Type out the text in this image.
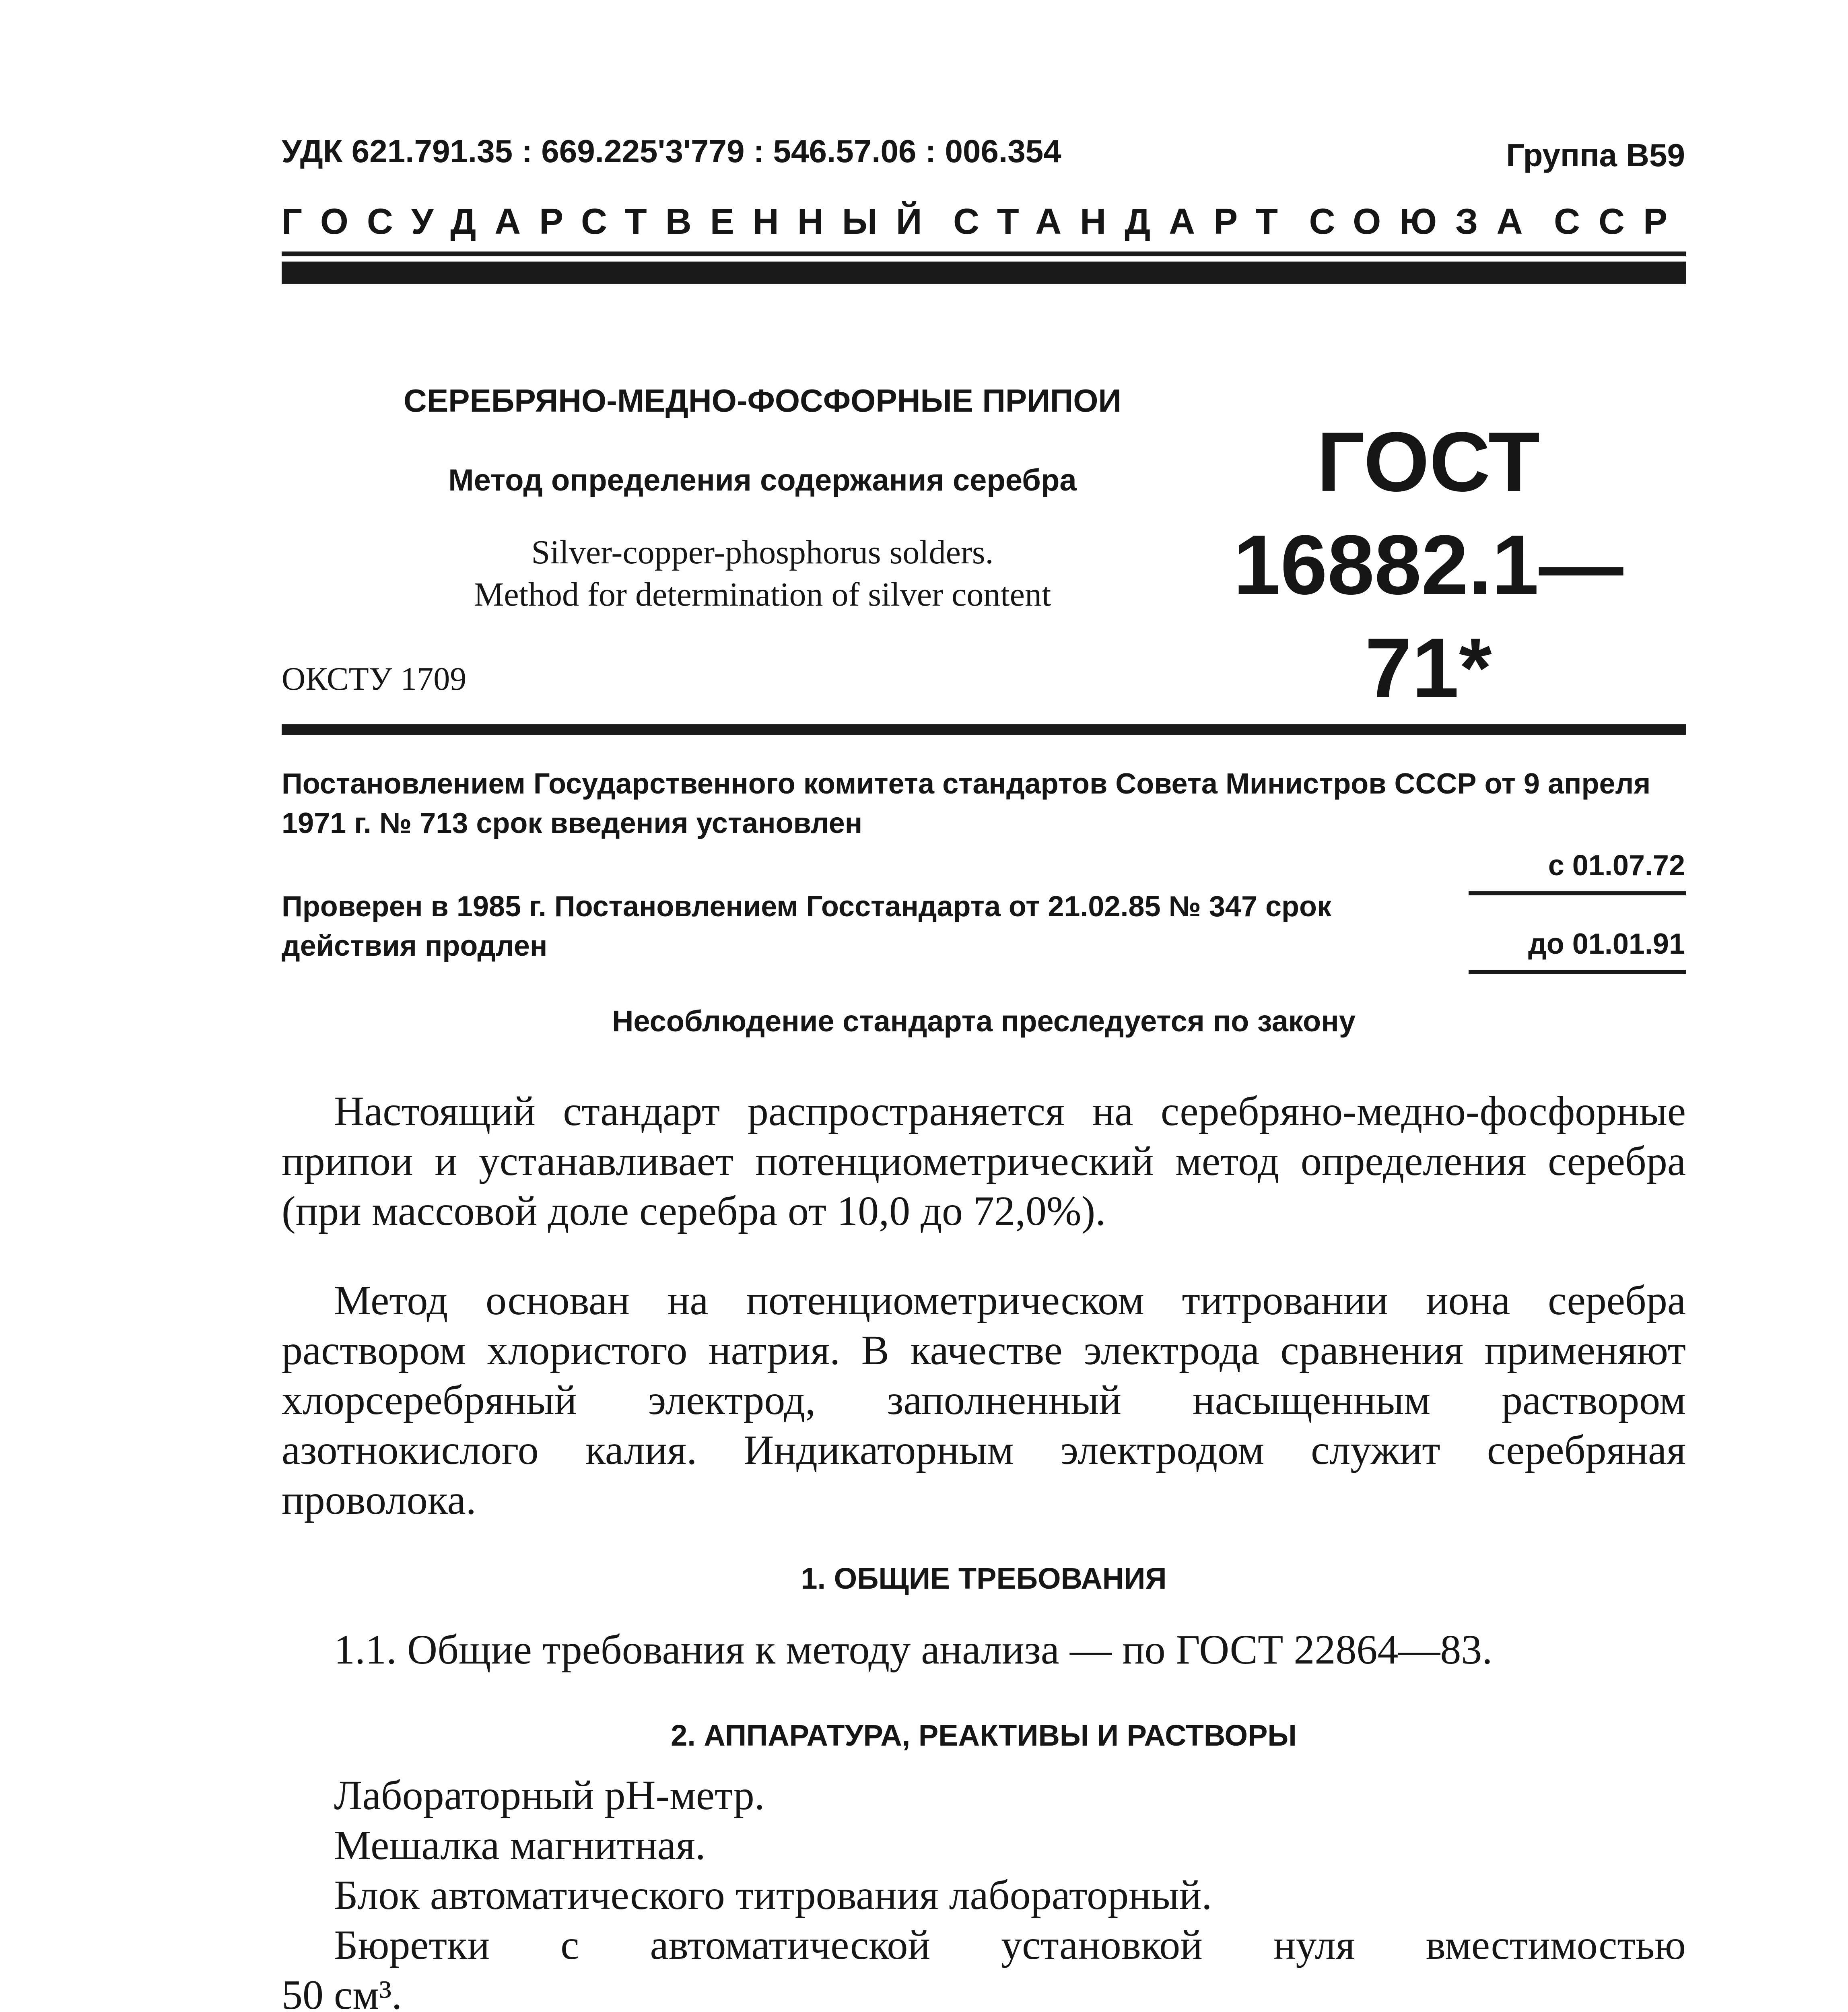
УДК 621.791.35 : 669.225'3'779 : 546.57.06 : 006.354	Группа В59
ГОСУДАРСТВЕННЫЙ СТАНДАРТ СОЮЗА ССР
СЕРЕБРЯНО-МЕДНО-ФОСФОРНЫЕ ПРИПОИ
Метод определения содержания серебра
Silver-copper-phosphorus solders.
Method for determination of silver content
ГОСТ
16882.1—71*
ОКСТУ 1709
Постановлением Государственного комитета стандартов Совета Министров СССР от 9 апреля 1971 г. № 713 срок введения установлен
с 01.07.72
Проверен в 1985 г. Постановлением Госстандарта от 21.02.85 № 347 срок действия продлен	до 01.01.91
Несоблюдение стандарта преследуется по закону
Настоящий стандарт распространяется на серебряно-медно-фосфорные припои и устанавливает потенциометрический метод определения серебра (при массовой доле серебра от 10,0 до 72,0%).
Метод основан на потенциометрическом титровании иона серебра раствором хлористого натрия. В качестве электрода сравнения применяют хлорсеребряный электрод, заполненный насыщенным раствором азотнокислого калия. Индикаторным электродом служит серебряная проволока.
1. ОБЩИЕ ТРЕБОВАНИЯ
1.1. Общие требования к методу анализа — по ГОСТ 22864—83.
2. АППАРАТУРА, РЕАКТИВЫ И РАСТВОРЫ
Лабораторный рН-метр.
Мешалка магнитная.
Блок автоматического титрования лабораторный.
Бюретки с автоматической установкой нуля вместимостью
50 см³.
